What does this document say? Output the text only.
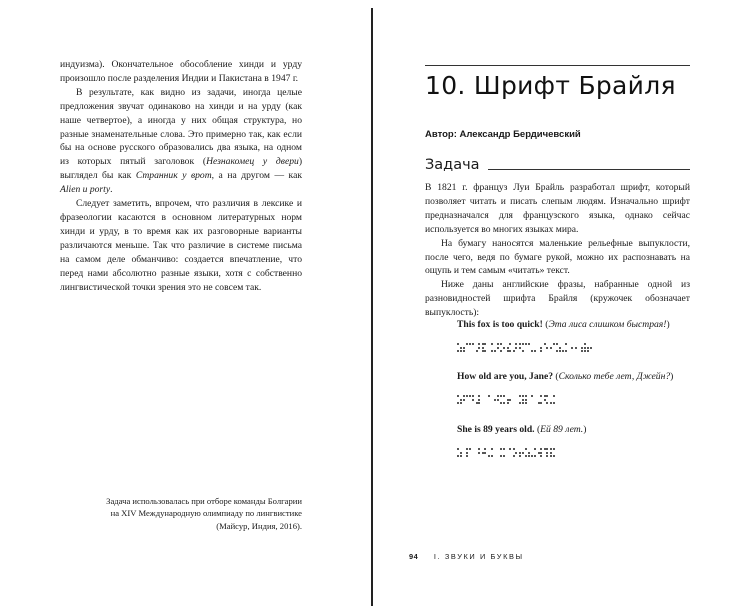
индуизма). Окончательное обособление хинди и урду произошло после разделения Индии и Пакистана в 1947 г.

В результате, как видно из задачи, иногда целые предложения звучат одинаково на хинди и на урду (как наше четвертое), а иногда у них общая структура, но разные знаменательные слова. Это примерно так, как если бы на основе русского образовались два языка, на одном из которых пятый заголовок (Незнакомец у двери) выглядел бы как Странник у врот, а на другом — как Alien u porty.

Следует заметить, впрочем, что различия в лексике и фразеологии касаются в основном литературных норм хинди и урду, в то время как их разговорные варианты различаются меньше. Так что различие в системе письма на самом деле обманчиво: создается впечатление, что перед нами абсолютно разные языки, хотя с собственно лингвистической точки зрения это не совсем так.

Задача использовалась при отборе команды Болгарии на XIV Международную олимпиаду по лингвистике (Майсур, Индия, 2016).

10. Шрифт Брайля
Автор: Александр Бердичевский
Задача

В 1821 г. француз Луи Брайль разработал шрифт, который позволяет читать и писать слепым людям. Изначально шрифт предназначался для французского языка, однако сейчас используется во многих языках мира.

На бумагу наносятся маленькие рельефные выпуклости, после чего, ведя по бумаге рукой, можно их распознавать на ощупь и тем самым «читать» текст.

Ниже даны английские фразы, набранные одной из разновидностей шрифта Брайля (кружочек обозначает выпуклость):

This fox is too quick! (Эта лиса слишком быстрая!)
How old are you, Jane? (Сколько тебе лет, Джейн?)
She is 89 years old. (Ей 89 лет.)
94 I. ЗВУКИ И БУКВЫ
